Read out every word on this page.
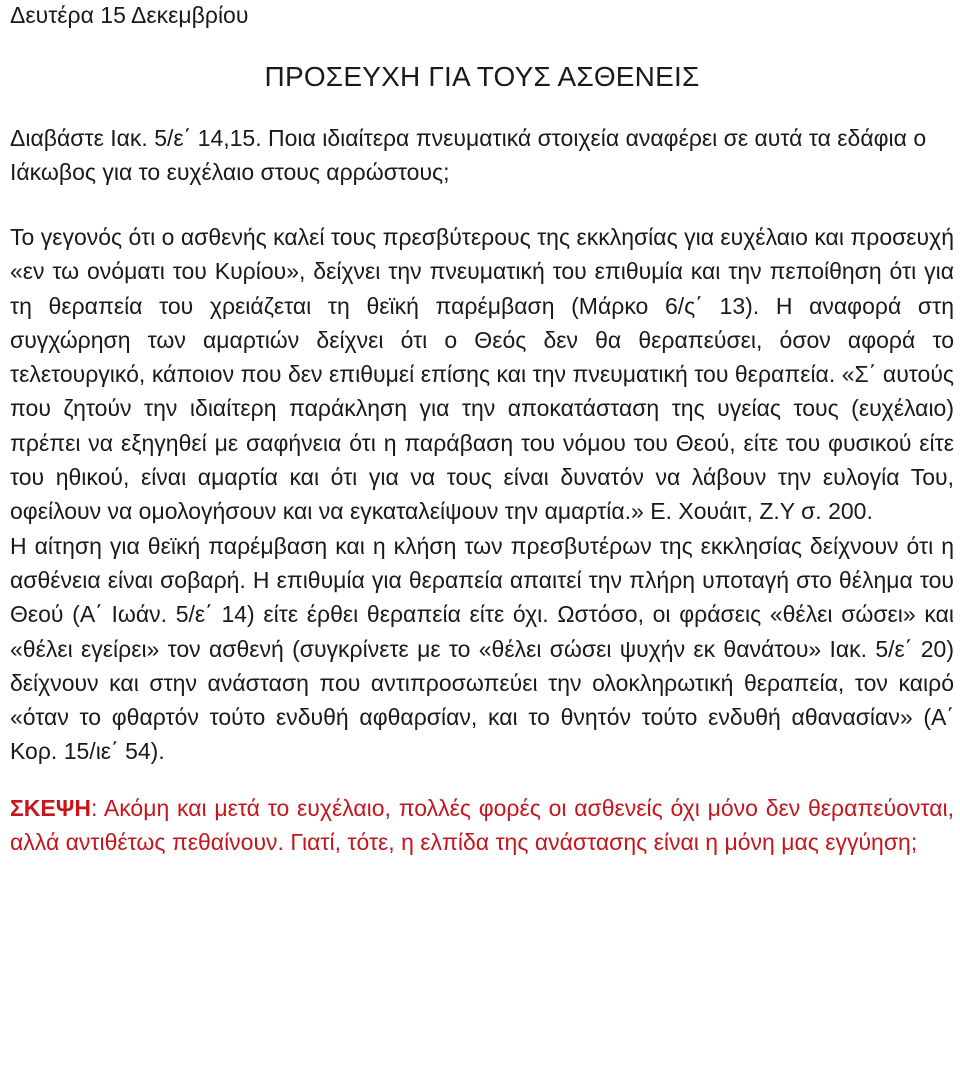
Δευτέρα 15 Δεκεμβρίου
ΠΡΟΣΕΥΧΗ ΓΙΑ ΤΟΥΣ ΑΣΘΕΝΕΙΣ
Διαβάστε Ιακ. 5/ε΄ 14,15. Ποια ιδιαίτερα πνευματικά στοιχεία αναφέρει σε αυτά τα εδάφια ο Ιάκωβος για το ευχέλαιο στους αρρώστους;

Το γεγονός ότι ο ασθενής καλεί τους πρεσβύτερους της εκκλησίας για ευχέλαιο και προσευχή «εν τω ονόματι του Κυρίου», δείχνει την πνευματική του επιθυμία και την πεποίθηση ότι για τη θεραπεία του χρειάζεται τη θεϊκή παρέμβαση (Μάρκο 6/ς΄ 13). Η αναφορά στη συγχώρηση των αμαρτιών δείχνει ότι ο Θεός δεν θα θεραπεύσει, όσον αφορά το τελετουργικό, κάποιον που δεν επιθυμεί επίσης και την πνευματική του θεραπεία. «Σ΄ αυτούς που ζητούν την ιδιαίτερη παράκληση για την αποκατάσταση της υγείας τους (ευχέλαιο) πρέπει να εξηγηθεί με σαφήνεια ότι η παράβαση του νόμου του Θεού, είτε του φυσικού είτε του ηθικού, είναι αμαρτία και ότι για να τους είναι δυνατόν να λάβουν την ευλογία Του, οφείλουν να ομολογήσουν και να εγκαταλείψουν την αμαρτία.» Ε. Χουάιτ, Ζ.Υ σ. 200.

Η αίτηση για θεϊκή παρέμβαση και η κλήση των πρεσβυτέρων της εκκλησίας δείχνουν ότι η ασθένεια είναι σοβαρή. Η επιθυμία για θεραπεία απαιτεί την πλήρη υποταγή στο θέλημα του Θεού (Α΄ Ιωάν. 5/ε΄ 14) είτε έρθει θεραπεία είτε όχι. Ωστόσο, οι φράσεις «θέλει σώσει» και «θέλει εγείρει» τον ασθενή (συγκρίνετε με το «θέλει σώσει ψυχήν εκ θανάτου» Ιακ. 5/ε΄ 20) δείχνουν και στην ανάσταση που αντιπροσωπεύει την ολοκληρωτική θεραπεία, τον καιρό «όταν το φθαρτόν τούτο ενδυθή αφθαρσίαν, και το θνητόν τούτο ενδυθή αθανασίαν» (Α΄ Κορ. 15/ιε΄ 54).

ΣΚΕΨΗ: Ακόμη και μετά το ευχέλαιο, πολλές φορές οι ασθενείς όχι μόνο δεν θεραπεύονται, αλλά αντιθέτως πεθαίνουν. Γιατί, τότε, η ελπίδα της ανάστασης είναι η μόνη μας εγγύηση;
